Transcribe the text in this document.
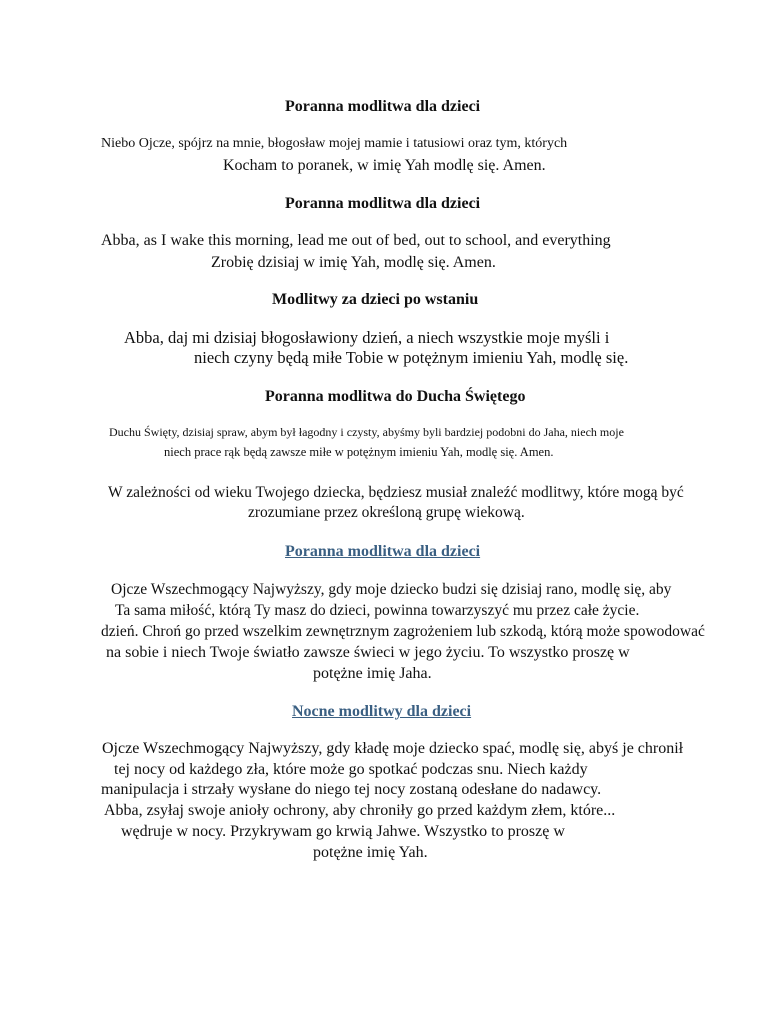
Poranna modlitwa dla dzieci
Niebo Ojcze, spójrz na mnie, błogosław mojej mamie i tatusiowi oraz tym, których
Kocham to poranek, w imię Yah modlę się. Amen.
Poranna modlitwa dla dzieci
Abba, as I wake this morning, lead me out of bed, out to school, and everything
Zrobię dzisiaj w imię Yah, modlę się. Amen.
Modlitwy za dzieci po wstaniu
Abba, daj mi dzisiaj błogosławiony dzień, a niech wszystkie moje myśli i
niech czyny będą miłe Tobie w potężnym imieniu Yah, modlę się.
Poranna modlitwa do Ducha Świętego
Duchu Święty, dzisiaj spraw, abym był łagodny i czysty, abyśmy byli bardziej podobni do Jaha, niech moje
niech prace rąk będą zawsze miłe w potężnym imieniu Yah, modlę się. Amen.
W zależności od wieku Twojego dziecka, będziesz musiał znaleźć modlitwy, które mogą być
zrozumiane przez określoną grupę wiekową.
Poranna modlitwa dla dzieci
Ojcze Wszechmogący Najwyższy, gdy moje dziecko budzi się dzisiaj rano, modlę się, aby
Ta sama miłość, którą Ty masz do dzieci, powinna towarzyszyć mu przez całe życie.
dzień. Chroń go przed wszelkim zewnętrznym zagrożeniem lub szkodą, którą może spowodować
na sobie i niech Twoje światło zawsze świeci w jego życiu. To wszystko proszę w
potężne imię Jaha.
Nocne modlitwy dla dzieci
Ojcze Wszechmogący Najwyższy, gdy kładę moje dziecko spać, modlę się, abyś je chronił
tej nocy od każdego zła, które może go spotkać podczas snu. Niech każdy
manipulacja i strzały wysłane do niego tej nocy zostaną odesłane do nadawcy.
Abba, zsyłaj swoje anioły ochrony, aby chroniły go przed każdym złem, które...
wędruje w nocy. Przykrywam go krwią Jahwe. Wszystko to proszę w
potężne imię Yah.
